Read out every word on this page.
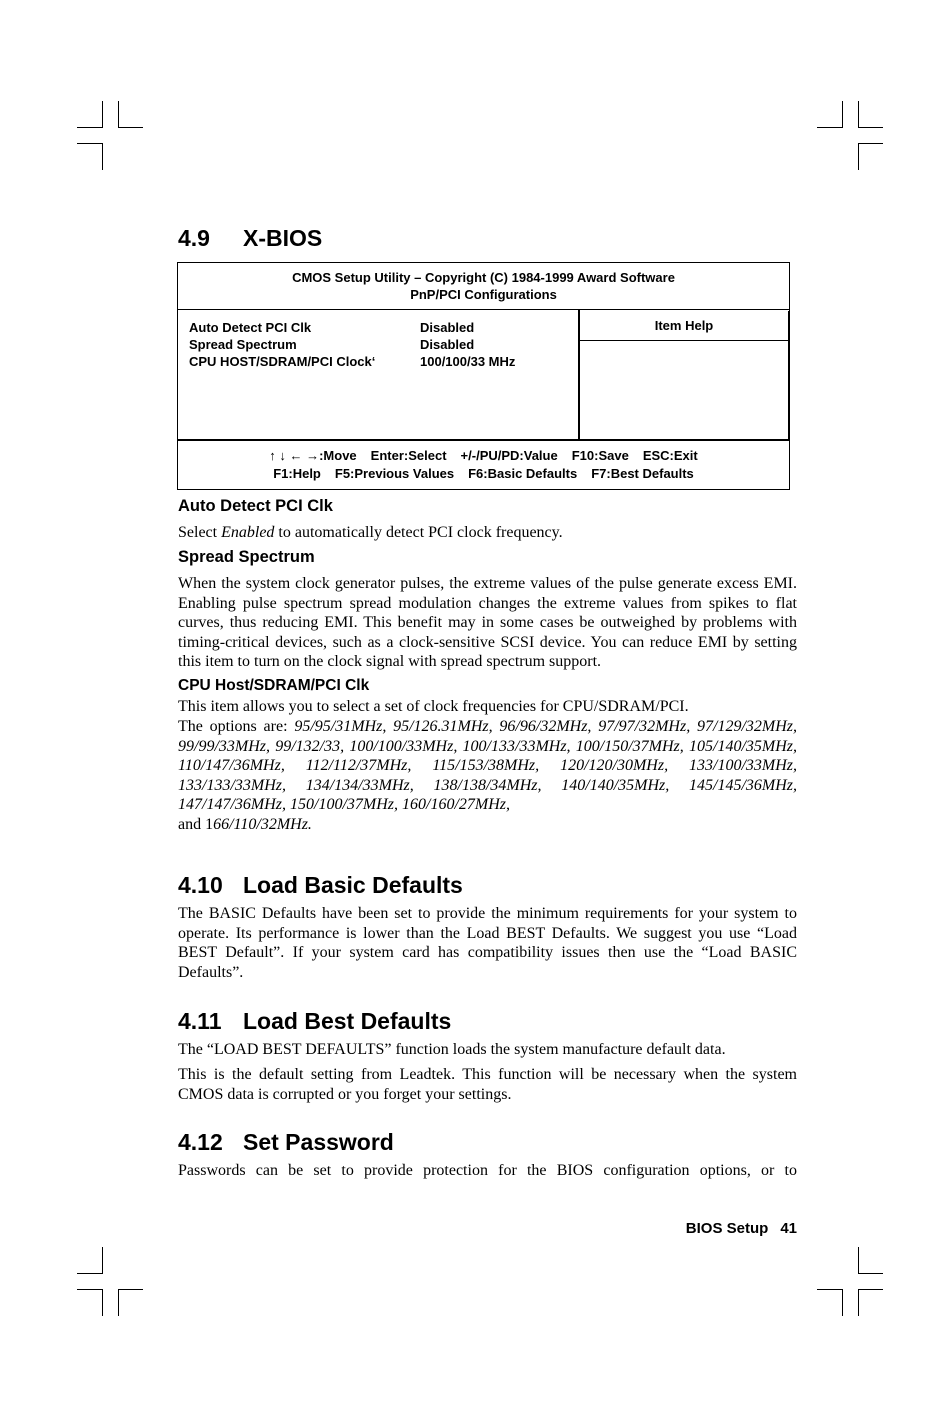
4.9 X-BIOS
CMOS Setup Utility – Copyright (C) 1984-1999 Award Software
PnP/PCI Configurations
Auto Detect PCI Clk	Disabled
Spread Spectrum	Disabled
CPU HOST/SDRAM/PCI Clock‘	100/100/33 MHz
Item Help
↑ ↓ ← →:Move Enter:Select +/-/PU/PD:Value F10:Save ESC:Exit
F1:Help F5:Previous Values F6:Basic Defaults F7:Best Defaults
Auto Detect PCI Clk

Select Enabled to automatically detect PCI clock frequency.

Spread Spectrum

When the system clock generator pulses, the extreme values of the pulse generate excess EMI. Enabling pulse spectrum spread modulation changes the extreme values from spikes to flat curves, thus reducing EMI. This benefit may in some cases be outweighed by problems with timing-critical devices, such as a clock-sensitive SCSI device. You can reduce EMI by setting this item to turn on the clock signal with spread spectrum support.

CPU Host/SDRAM/PCI Clk

This item allows you to select a set of clock frequencies for CPU/SDRAM/PCI.

The options are: 95/95/31MHz, 95/126.31MHz, 96/96/32MHz, 97/97/32MHz, 97/129/32MHz, 99/99/33MHz, 99/132/33, 100/100/33MHz, 100/133/33MHz, 100/150/37MHz, 105/140/35MHz, 110/147/36MHz, 112/112/37MHz, 115/153/38MHz, 120/120/30MHz, 133/100/33MHz, 133/133/33MHz, 134/134/33MHz, 138/138/34MHz, 140/140/35MHz, 145/145/36MHz, 147/147/36MHz, 150/100/37MHz, 160/160/27MHz,
and 166/110/32MHz.

4.10 Load Basic Defaults

The BASIC Defaults have been set to provide the minimum requirements for your system to operate. Its performance is lower than the Load BEST Defaults. We suggest you use “Load BEST Default”. If your system card has compatibility issues then use the “Load BASIC Defaults”.

4.11 Load Best Defaults

The “LOAD BEST DEFAULTS” function loads the system manufacture default data.

This is the default setting from Leadtek. This function will be necessary when the system CMOS data is corrupted or you forget your settings.

4.12 Set Password

Passwords can be set to provide protection for the BIOS configuration options, or to

BIOS Setup 41
